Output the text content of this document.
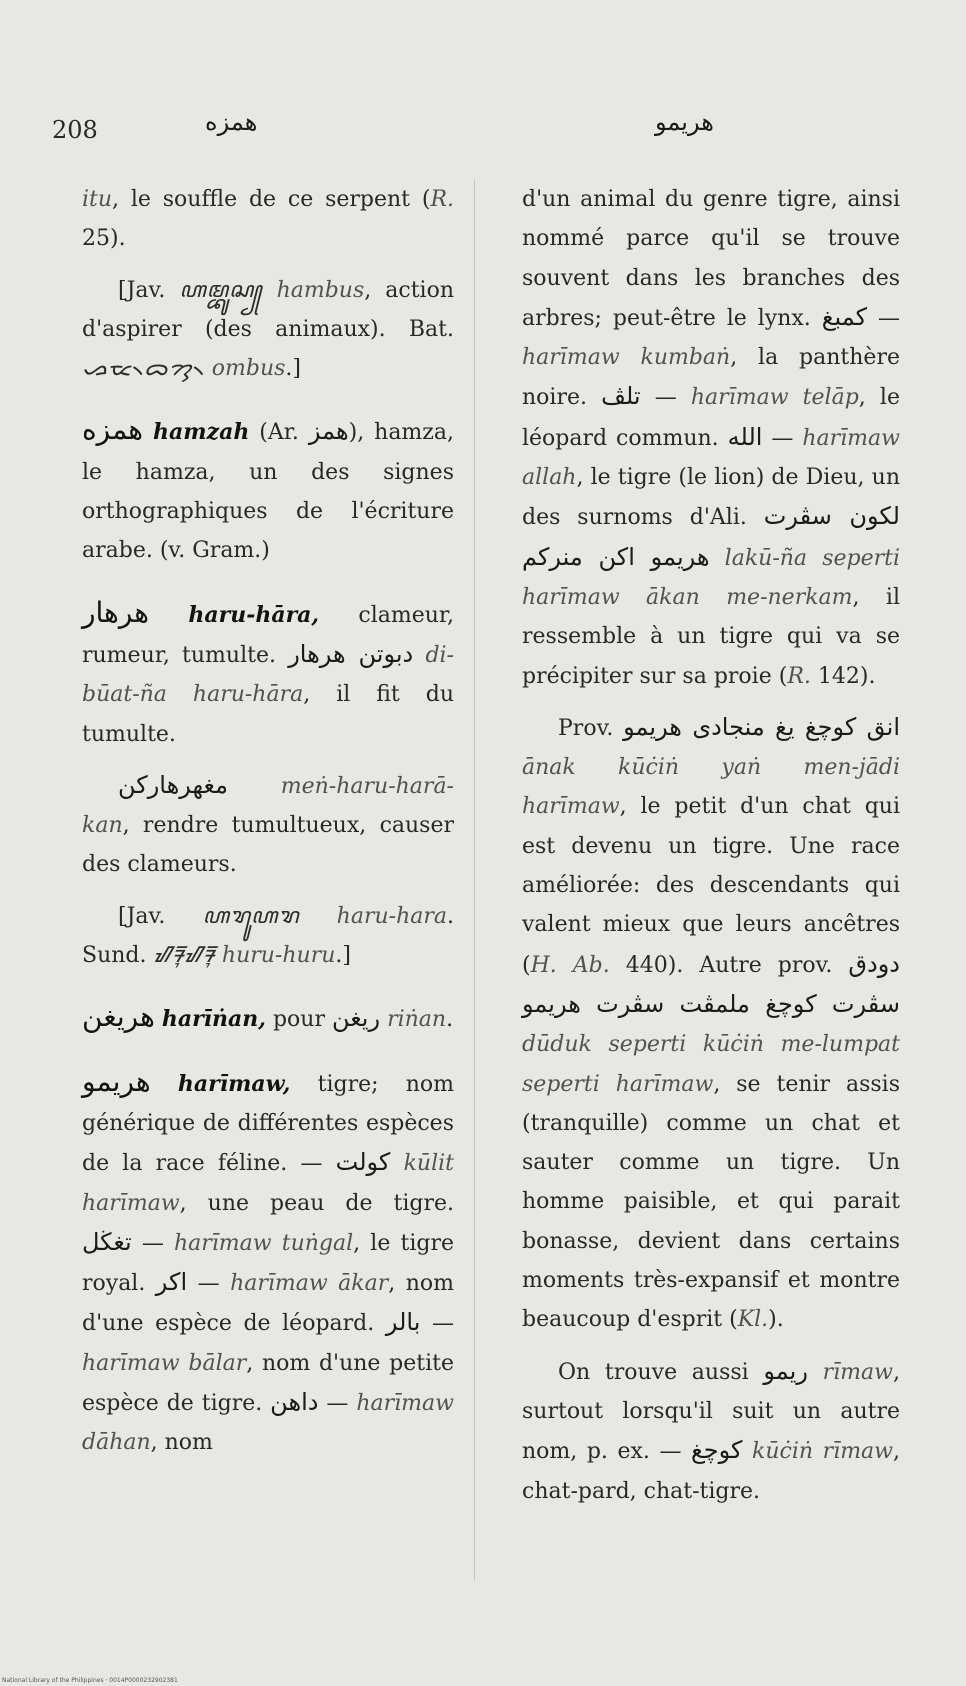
208	همزه	هريمو

itu, le souffle de ce serpent (R. 25).

[Jav. ꦲꦩ꧀ꦧꦸꦱ꧀ hambus, action d'aspirer (des animaux). Bat. ᯀᯔ᯲ᯅᯮᯂ᯲ ombus.]

همزه hamzah (Ar. همز), hamza, le hamza, un des signes orthographiques de l'écriture arabe. (v. Gram.)

هرهار haru-hāra, clameur, rumeur, tumulte. دبوتن هرهار di-būat-ña haru-hāra, il fit du tumulte.

مغهرهاركن meṅ-haru-harā-kan, rendre tumultueux, causer des clameurs.

[Jav. ꦲꦫꦸꦲꦫ haru-hara. Sund. ᮠᮛᮥᮠᮛᮥ huru-huru.]

هريغن harīṅan, pour ريغن riṅan.

هريمو harīmaw, tigre; nom générique de différentes espèces de la race féline. — كولت kūlit harīmaw, une peau de tigre. تغڬل — harīmaw tuṅgal, le tigre royal. اكر — harīmaw ākar, nom d'une espèce de léopard. بالر — harīmaw bālar, nom d'une petite espèce de tigre. داهن — harīmaw dāhan, nom

d'un animal du genre tigre, ainsi nommé parce qu'il se trouve souvent dans les branches des arbres; peut-être le lynx. كمبغ — harīmaw kumbaṅ, la panthère noire. تلڤ — harīmaw telāp, le léopard commun. الله — harīmaw allah, le tigre (le lion) de Dieu, un des surnoms d'Ali. لكون سڤرت هريمو اكن منركم lakū-ña seperti harīmaw ākan me-nerkam, il ressemble à un tigre qui va se précipiter sur sa proie (R. 142).

Prov. انق كوچغ يغ منجادى هريمو ānak kūċiṅ yaṅ men-jādi harīmaw, le petit d'un chat qui est devenu un tigre. Une race améliorée: des descendants qui valent mieux que leurs ancêtres (H. Ab. 440). Autre prov. دودق سڤرت كوچغ ملمڤت سڤرت هريمو dūduk seperti kūċiṅ me-lumpat seperti harīmaw, se tenir assis (tranquille) comme un chat et sauter comme un tigre. Un homme paisible, et qui parait bonasse, devient dans certains moments très-expansif et montre beaucoup d'esprit (Kl.).

On trouve aussi ريمو rīmaw, surtout lorsqu'il suit un autre nom, p. ex. — كوچغ kūċiṅ rīmaw, chat-pard, chat-tigre.

National Library of the Philippines · 0014P0000232902381
